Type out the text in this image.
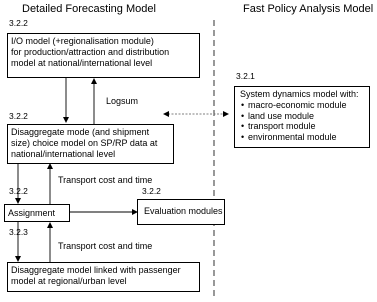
Detailed Forecasting Model	Fast Policy Analysis Model
3.2.2
3.2.2
3.2.2	3.2.2
3.2.3
3.2.1
I/O model (+regionalisation module)
for production/attraction and distribution
model at national/international level
Logsum
Disaggregate mode (and shipment
size) choice model on SP/RP data at
national/international level
Transport cost and time
Assignment	Evaluation modules
Transport cost and time
Disaggregate model linked with passenger
model at regional/urban level
System dynamics model with:
• macro-economic module
• land use module
• transport module
• environmental module
